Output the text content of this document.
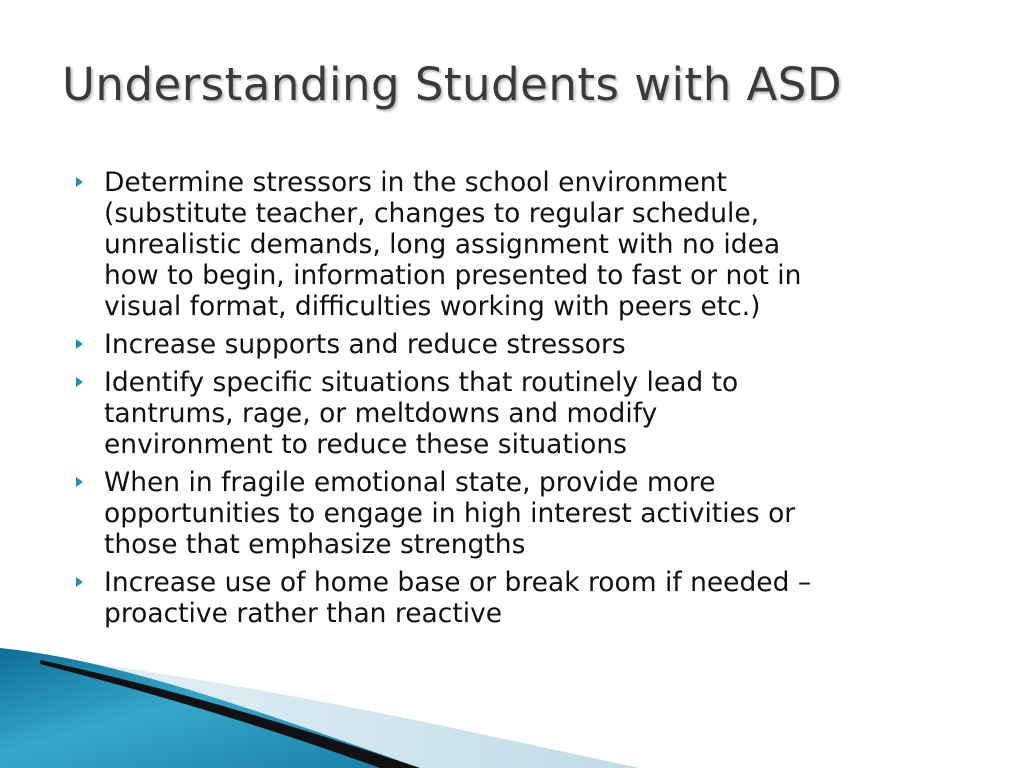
Understanding Students with ASD
Determine stressors in the school environment
(substitute teacher, changes to regular schedule,
unrealistic demands, long assignment with no idea
how to begin, information presented to fast or not in
visual format, difficulties working with peers etc.)
Increase supports and reduce stressors
Identify specific situations that routinely lead to
tantrums, rage, or meltdowns and modify
environment to reduce these situations
When in fragile emotional state, provide more
opportunities to engage in high interest activities or
those that emphasize strengths
Increase use of home base or break room if needed –
proactive rather than reactive
